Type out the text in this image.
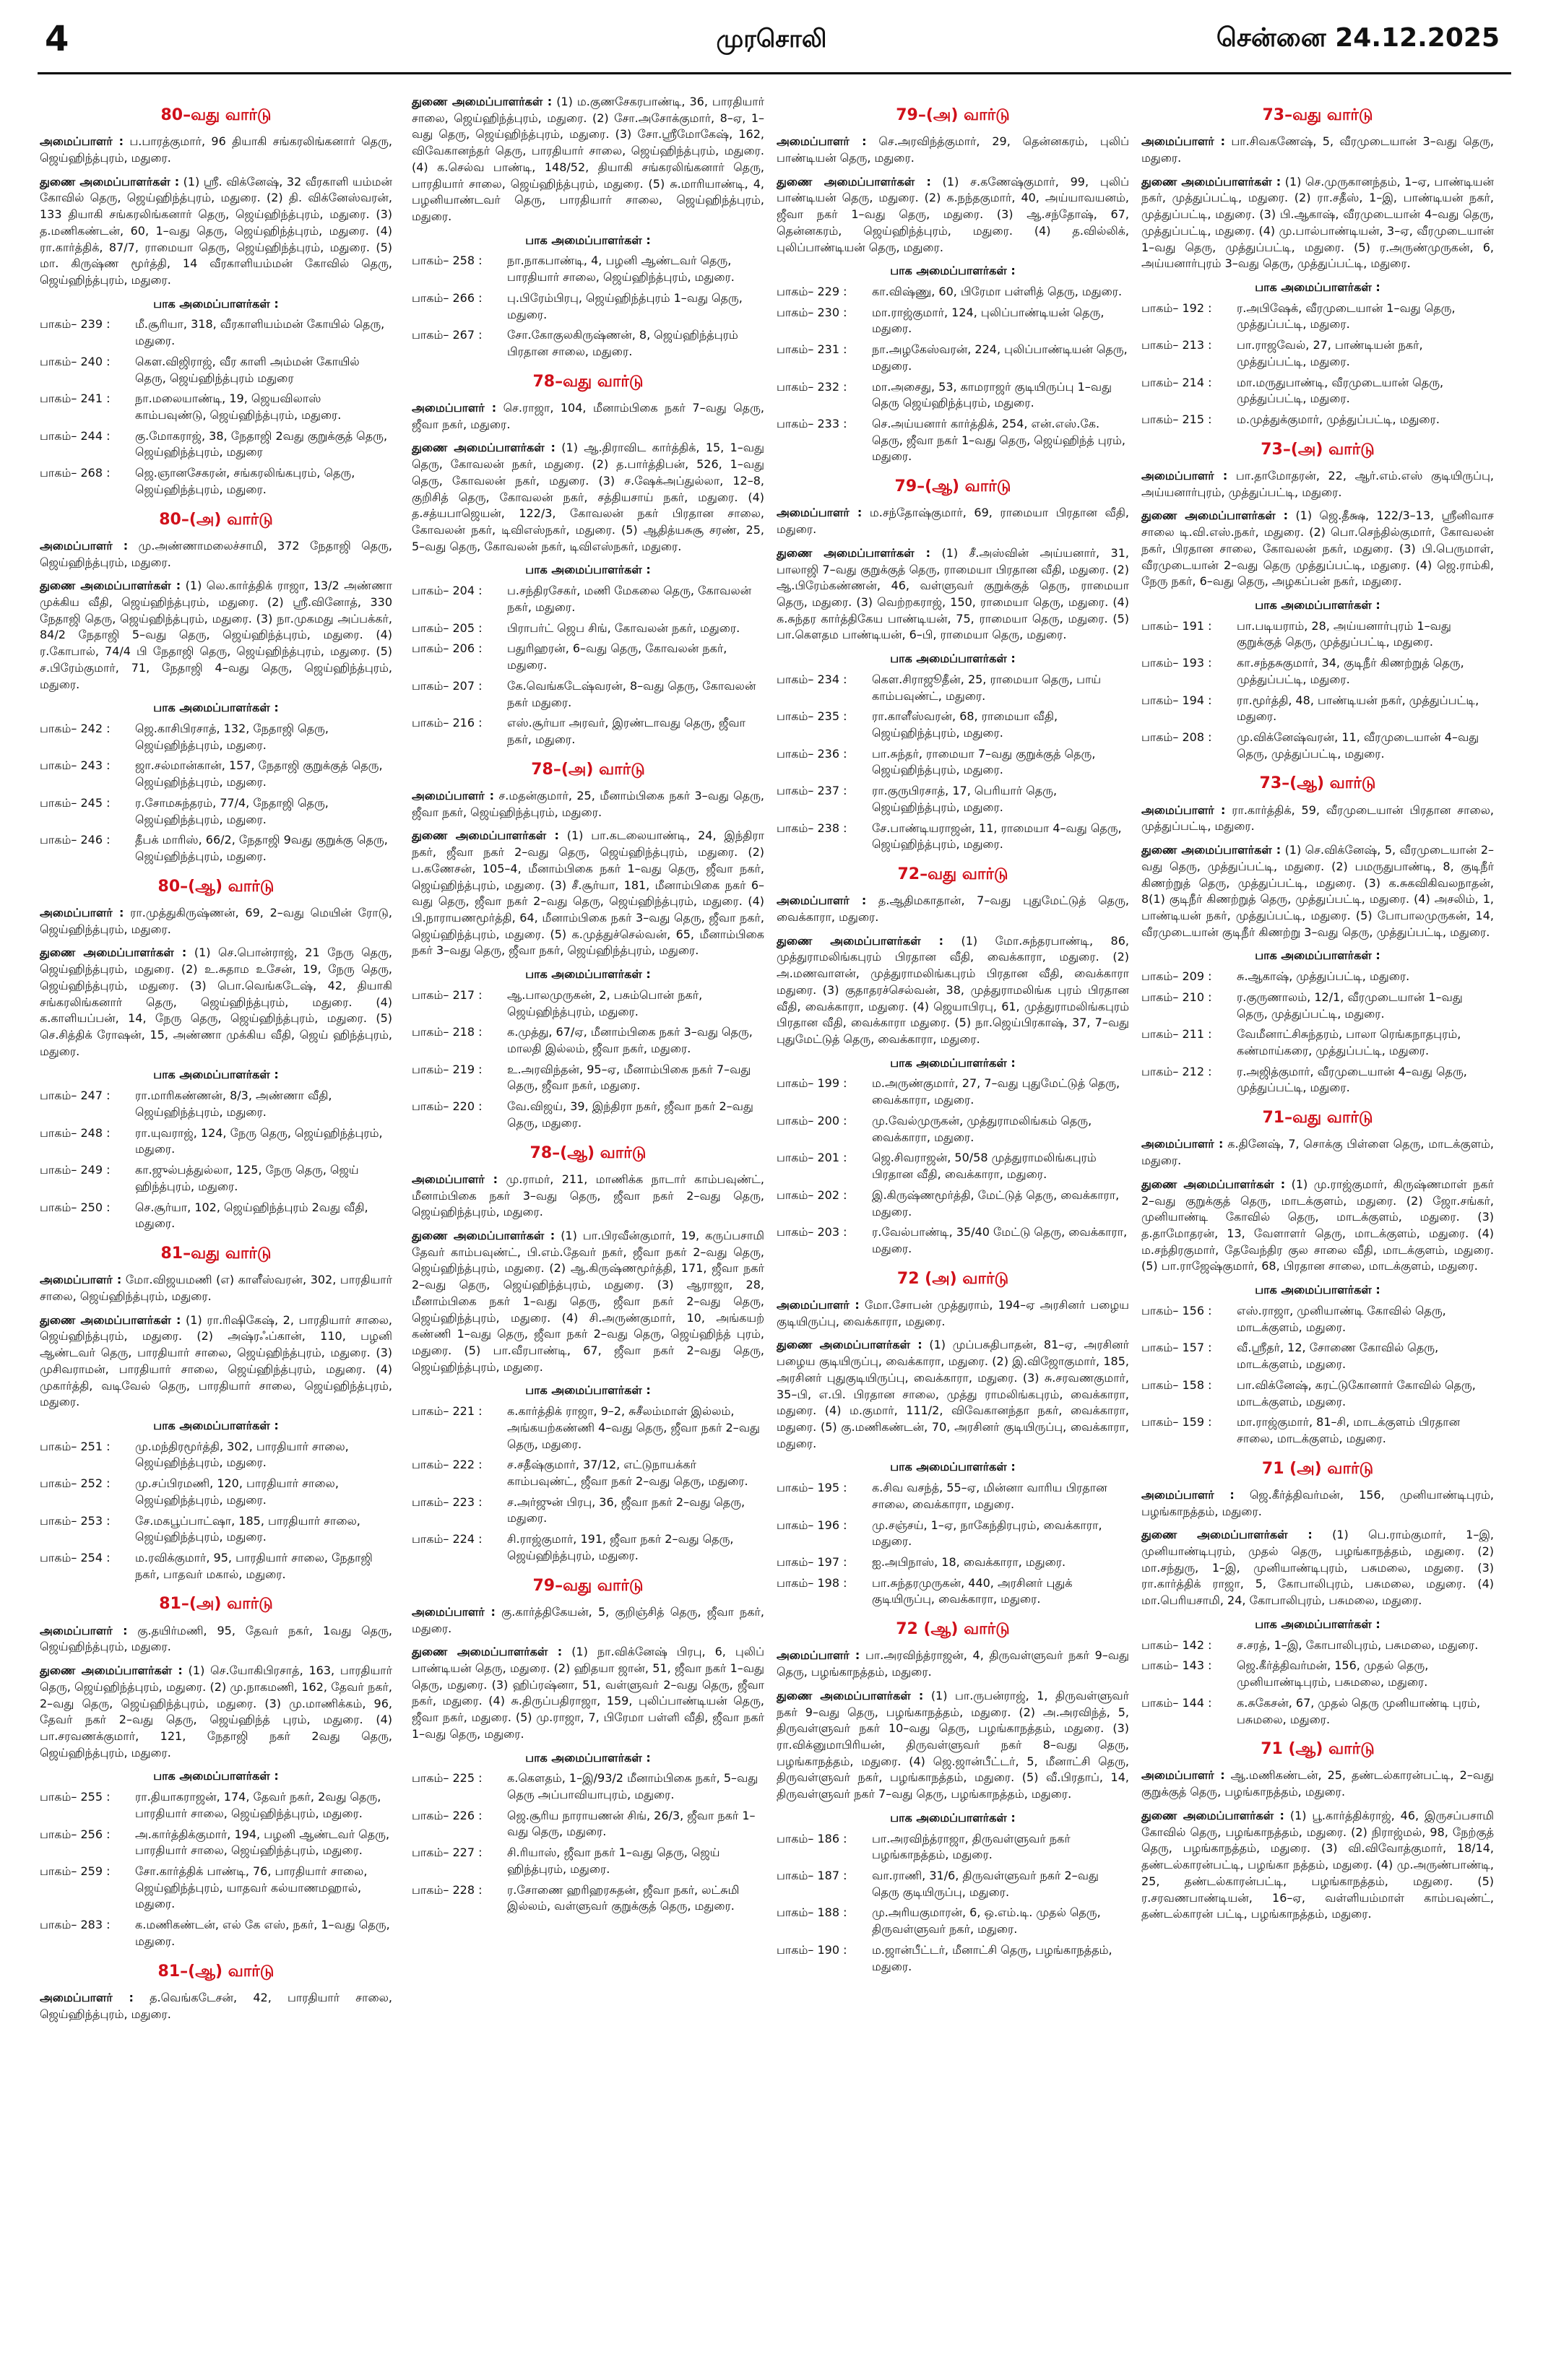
4	முரசொலி	சென்னை 24.12.2025
80–வது வார்டு

அமைப்பாளர் : ப.பாரத்குமார், 96 தியாகி சங்கரலிங்கனார் தெரு, ஜெய்ஹிந்த்புரம், மதுரை.

துணை அமைப்பாளர்கள் : (1) ஸ்ரீ. விக்னேஷ், 32 வீரகாளி யம்மன் கோவில் தெரு, ஜெய்ஹிந்த்புரம், மதுரை. (2) தி. விக்னேஸ்வரன், 133 தியாகி சங்கரலிங்கனார் தெரு, ஜெய்ஹிந்த்புரம், மதுரை. (3) த.மணிகண்டன், 60, 1–வது தெரு, ஜெய்ஹிந்த்புரம், மதுரை. (4) ரா.கார்த்திக், 87/7, ராமையா தெரு, ஜெய்ஹிந்த்புரம், மதுரை. (5) மா. கிருஷ்ண மூர்த்தி, 14 வீரகாளியம்மன் கோவில் தெரு, ஜெய்ஹிந்த்புரம், மதுரை.

பாக அமைப்பாளர்கள் :
பாகம்– 239 :	மீ.சூரியா, 318, வீரகாளியம்மன் கோயில் தெரு, மதுரை.
பாகம்– 240 :	கௌ.விஜிராஜ், வீர காளி அம்மன் கோயில் தெரு, ஜெய்ஹிந்த்புரம் மதுரை
பாகம்– 241 :	நா.மலையாண்டி, 19, ஜெயவிலாஸ் காம்பவுண்டு, ஜெய்ஹிந்த்புரம், மதுரை.
பாகம்– 244 :	கு.மோகராஜ், 38, நேதாஜி 2வது குறுக்குத் தெரு, ஜெய்ஹிந்த்புரம், மதுரை
பாகம்– 268 :	ஜெ.ஞானசேகரன், சங்கரலிங்கபுரம், தெரு, ஜெய்ஹிந்த்புரம், மதுரை.
80–(அ) வார்டு

அமைப்பாளர் : மு.அண்ணாமலைச்சாமி, 372 நேதாஜி தெரு, ஜெய்ஹிந்த்புரம், மதுரை.

துணை அமைப்பாளர்கள் : (1) லெ.கார்த்திக் ராஜா, 13/2 அண்ணா முக்கிய வீதி, ஜெய்ஹிந்த்புரம், மதுரை. (2) ஸ்ரீ.வினோத், 330 நேதாஜி தெரு, ஜெய்ஹிந்த்புரம், மதுரை. (3) நா.முகமது அப்பக்கர், 84/2 நேதாஜி 5–வது தெரு, ஜெய்ஹிந்த்புரம், மதுரை. (4) ர.கோபால், 74/4 பி நேதாஜி தெரு, ஜெய்ஹிந்த்புரம், மதுரை. (5) ச.பிரேம்குமார், 71, நேதாஜி 4–வது தெரு, ஜெய்ஹிந்த்புரம், மதுரை.

பாக அமைப்பாளர்கள் :
பாகம்– 242 :	ஜெ.காசிபிரசாத், 132, நேதாஜி தெரு, ஜெய்ஹிந்த்புரம், மதுரை.
பாகம்– 243 :	ஜா.சல்மான்கான், 157, நேதாஜி குறுக்குத் தெரு, ஜெய்ஹிந்த்புரம், மதுரை.
பாகம்– 245 :	ர.சோமசுந்தரம், 77/4, நேதாஜி தெரு, ஜெய்ஹிந்த்புரம், மதுரை.
பாகம்– 246 :	தீபக் மாரிஸ், 66/2, நேதாஜி 9வது குறுக்கு தெரு, ஜெய்ஹிந்த்புரம், மதுரை.
80–(ஆ) வார்டு

அமைப்பாளர் : ரா.முத்துகிருஷ்ணன், 69, 2–வது மெயின் ரோடு, ஜெய்ஹிந்த்புரம், மதுரை.

துணை அமைப்பாளர்கள் : (1) செ.பொன்ராஜ், 21 நேரு தெரு, ஜெய்ஹிந்த்புரம், மதுரை. (2) உ.சுதாம உசேன், 19, நேரு தெரு, ஜெய்ஹிந்த்புரம், மதுரை. (3) பொ.வெங்கடேஷ், 42, தியாகி சங்கரலிங்கனார் தெரு, ஜெய்ஹிந்த்புரம், மதுரை. (4) க.காளியப்பன், 14, நேரு தெரு, ஜெய்ஹிந்த்புரம், மதுரை. (5) செ.சித்திக் ரோஷன், 15, அண்ணா முக்கிய வீதி, ஜெய் ஹிந்த்புரம், மதுரை.

பாக அமைப்பாளர்கள் :
பாகம்– 247 :	ரா.மாரிகண்ணன், 8/3, அண்ணா வீதி, ஜெய்ஹிந்த்புரம், மதுரை.
பாகம்– 248 :	ரா.யுவராஜ், 124, நேரு தெரு, ஜெய்ஹிந்த்புரம், மதுரை.
பாகம்– 249 :	கா.ஜுல்பத்துல்லா, 125, நேரு தெரு, ஜெய் ஹிந்த்புரம், மதுரை.
பாகம்– 250 :	செ.சூர்யா, 102, ஜெய்ஹிந்த்புரம் 2வது வீதி, மதுரை.
81–வது வார்டு

அமைப்பாளர் : மோ.விஜயமணி (எ) காளீஸ்வரன், 302, பாரதியார் சாலை, ஜெய்ஹிந்த்புரம், மதுரை.

துணை அமைப்பாளர்கள் : (1) ரா.ரிஷிகேஷ், 2, பாரதியார் சாலை, ஜெய்ஹிந்த்புரம், மதுரை. (2) அஷ்ரஃப்கான், 110, பழனி ஆண்டவர் தெரு, பாரதியார் சாலை, ஜெய்ஹிந்த்புரம், மதுரை. (3) முசிவராமன், பாரதியார் சாலை, ஜெய்ஹிந்த்புரம், மதுரை. (4) முகார்த்தி, வடிவேல் தெரு, பாரதியார் சாலை, ஜெய்ஹிந்த்புரம், மதுரை.

பாக அமைப்பாளர்கள் :
பாகம்– 251 :	மு.மந்திரமூர்த்தி, 302, பாரதியார் சாலை, ஜெய்ஹிந்த்புரம், மதுரை.
பாகம்– 252 :	மு.சப்பிரமணி, 120, பாரதியார் சாலை, ஜெய்ஹிந்த்புரம், மதுரை.
பாகம்– 253 :	சே.மகபூப்பாட்ஷா, 185, பாரதியார் சாலை, ஜெய்ஹிந்த்புரம், மதுரை.
பாகம்– 254 :	ம.ரவிக்குமார், 95, பாரதியார் சாலை, நேதாஜி நகர், பாதவர் மகால், மதுரை.
81–(அ) வார்டு

அமைப்பாளர் : கு.தயிர்மணி, 95, தேவர் நகர், 1வது தெரு, ஜெய்ஹிந்த்புரம், மதுரை.

துணை அமைப்பாளர்கள் : (1) செ.யோகிபிரசாத், 163, பாரதியார் தெரு, ஜெய்ஹிந்த்புரம், மதுரை. (2) மு.நாகமணி, 162, தேவர் நகர், 2–வது தெரு, ஜெய்ஹிந்த்புரம், மதுரை. (3) மு.மாணிக்கம், 96, தேவர் நகர் 2–வது தெரு, ஜெய்ஹிந்த் புரம், மதுரை. (4) பா.சரவணக்குமார், 121, நேதாஜி நகர் 2வது தெரு, ஜெய்ஹிந்த்புரம், மதுரை.

பாக அமைப்பாளர்கள் :
பாகம்– 255 :	ரா.தியாகராஜன், 174, தேவர் நகர், 2வது தெரு, பாரதியார் சாலை, ஜெய்ஹிந்த்புரம், மதுரை.
பாகம்– 256 :	அ.கார்த்திக்குமார், 194, பழனி ஆண்டவர் தெரு, பாரதியார் சாலை, ஜெய்ஹிந்த்புரம், மதுரை.
பாகம்– 259 :	சோ.கார்த்திக் பாண்டி, 76, பாரதியார் சாலை, ஜெய்ஹிந்த்புரம், யாதவர் கல்யாணமஹால், மதுரை.
பாகம்– 283 :	க.மணிகண்டன், எல் கே எஸ், நகர், 1–வது தெரு, மதுரை.
81–(ஆ) வார்டு

அமைப்பாளர் : த.வெங்கடேசன், 42, பாரதியார் சாலை, ஜெய்ஹிந்த்புரம், மதுரை.

துணை அமைப்பாளர்கள் : (1) ம.குணசேகரபாண்டி, 36, பாரதியார் சாலை, ஜெய்ஹிந்த்புரம், மதுரை. (2) சோ.அசோக்குமார், 8–ஏ, 1–வது தெரு, ஜெய்ஹிந்த்புரம், மதுரை. (3) சோ.ஸ்ரீமோகேஷ், 162, விவேகானந்தர் தெரு, பாரதியார் சாலை, ஜெய்ஹிந்த்புரம், மதுரை. (4) க.செல்வ பாண்டி, 148/52, தியாகி சங்கரலிங்கனார் தெரு, பாரதியார் சாலை, ஜெய்ஹிந்த்புரம், மதுரை. (5) சு.மாரியாண்டி, 4, பழனியாண்டவர் தெரு, பாரதியார் சாலை, ஜெய்ஹிந்த்புரம், மதுரை.

பாக அமைப்பாளர்கள் :
பாகம்– 258 :	நா.நாகபாண்டி, 4, பழனி ஆண்டவர் தெரு, பாரதியார் சாலை, ஜெய்ஹிந்த்புரம், மதுரை.
பாகம்– 266 :	பு.பிரேம்பிரபு, ஜெய்ஹிந்த்புரம் 1–வது தெரு, மதுரை.
பாகம்– 267 :	சோ.கோகுலகிருஷ்ணன், 8, ஜெய்ஹிந்த்புரம் பிரதான சாலை, மதுரை.
78–வது வார்டு

அமைப்பாளர் : செ.ராஜா, 104, மீனாம்பிகை நகர் 7–வது தெரு, ஜீவா நகர், மதுரை.

துணை அமைப்பாளர்கள் : (1) ஆ.திராவிட கார்த்திக், 15, 1–வது தெரு, கோவலன் நகர், மதுரை. (2) த.பார்த்திபன், 526, 1–வது தெரு, கோவலன் நகர், மதுரை. (3) ச.ஷேக்அப்துல்லா, 12–8, குறிசித் தெரு, கோவலன் நகர், சத்தியசாய் நகர், மதுரை. (4) த.சத்யபாஜெயன், 122/3, கோவலன் நகர் பிரதான சாலை, கோவலன் நகர், டிவிஎஸ்நகர், மதுரை. (5) ஆதித்யசுசூ சரண், 25, 5–வது தெரு, கோவலன் நகர், டிவிஎஸ்நகர், மதுரை.

பாக அமைப்பாளர்கள் :
பாகம்– 204 :	ப.சந்திரசேகர், மணி மேகலை தெரு, கோவலன் நகர், மதுரை.
பாகம்– 205 :	பிராபர்ட் ஜெப சிங், கோவலன் நகர், மதுரை.
பாகம்– 206 :	பதுரிஹரன், 6–வது தெரு, கோவலன் நகர், மதுரை.
பாகம்– 207 :	கே.வெங்கடேஷ்வரன், 8–வது தெரு, கோவலன் நகர் மதுரை.
பாகம்– 216 :	எஸ்.சூர்யா அரவர், இரண்டாவது தெரு, ஜீவா நகர், மதுரை.
78–(அ) வார்டு

அமைப்பாளர் : ச.மதன்குமார், 25, மீனாம்பிகை நகர் 3–வது தெரு, ஜீவா நகர், ஜெய்ஹிந்த்புரம், மதுரை.

துணை அமைப்பாளர்கள் : (1) பா.கடலையாண்டி, 24, இந்திரா நகர், ஜீவா நகர் 2–வது தெரு, ஜெய்ஹிந்த்புரம், மதுரை. (2) ப.கணேசன், 105–4, மீனாம்பிகை நகர் 1–வது தெரு, ஜீவா நகர், ஜெய்ஹிந்த்புரம், மதுரை. (3) சீ.சூர்யா, 181, மீனாம்பிகை நகர் 6–வது தெரு, ஜீவா நகர் 2–வது தெரு, ஜெய்ஹிந்த்புரம், மதுரை. (4) பி.நாராயணமூர்த்தி, 64, மீனாம்பிகை நகர் 3–வது தெரு, ஜீவா நகர், ஜெய்ஹிந்த்புரம், மதுரை. (5) க.முத்துச்செல்வன், 65, மீனாம்பிகை நகர் 3–வது தெரு, ஜீவா நகர், ஜெய்ஹிந்த்புரம், மதுரை.

பாக அமைப்பாளர்கள் :
பாகம்– 217 :	ஆ.பாலமுருகன், 2, பசும்பொன் நகர், ஜெய்ஹிந்த்புரம், மதுரை.
பாகம்– 218 :	க.முத்து, 67/ஏ, மீனாம்பிகை நகர் 3–வது தெரு, மாலதி இல்லம், ஜீவா நகர், மதுரை.
பாகம்– 219 :	உ.அரவிந்தன், 95–ஏ, மீனாம்பிகை நகர் 7–வது தெரு, ஜீவா நகர், மதுரை.
பாகம்– 220 :	வே.விஜய், 39, இந்திரா நகர், ஜீவா நகர் 2–வது தெரு, மதுரை.
78–(ஆ) வார்டு

அமைப்பாளர் : மு.ராமர், 211, மாணிக்க நாடார் காம்பவுண்ட், மீனாம்பிகை நகர் 3–வது தெரு, ஜீவா நகர் 2–வது தெரு, ஜெய்ஹிந்த்புரம், மதுரை.

துணை அமைப்பாளர்கள் : (1) பா.பிரவீன்குமார், 19, கருப்பசாமி தேவர் காம்பவுண்ட், பி.எம்.தேவர் நகர், ஜீவா நகர் 2–வது தெரு, ஜெய்ஹிந்த்புரம், மதுரை. (2) ஆ.கிருஷ்ணமூர்த்தி, 171, ஜீவா நகர் 2–வது தெரு, ஜெய்ஹிந்த்புரம், மதுரை. (3) ஆராஜா, 28, மீனாம்பிகை நகர் 1–வது தெரு, ஜீவா நகர் 2–வது தெரு, ஜெய்ஹிந்த்புரம், மதுரை. (4) சி.அருண்குமார், 10, அங்கயற் கண்ணி 1–வது தெரு, ஜீவா நகர் 2–வது தெரு, ஜெய்ஹிந்த் புரம், மதுரை. (5) பா.வீரபாண்டி, 67, ஜீவா நகர் 2–வது தெரு, ஜெய்ஹிந்த்புரம், மதுரை.

பாக அமைப்பாளர்கள் :
பாகம்– 221 :	க.கார்த்திக் ராஜா, 9–2, சுசீலம்மாள் இல்லம், அங்கயற்கண்ணி 4–வது தெரு, ஜீவா நகர் 2–வது தெரு, மதுரை.
பாகம்– 222 :	ச.சதீஷ்குமார், 37/12, எட்டுநாயக்கர் காம்பவுண்ட், ஜீவா நகர் 2–வது தெரு, மதுரை.
பாகம்– 223 :	ச.அர்ஜுன் பிரபு, 36, ஜீவா நகர் 2–வது தெரு, மதுரை.
பாகம்– 224 :	சி.ராஜ்குமார், 191, ஜீவா நகர் 2–வது தெரு, ஜெய்ஹிந்த்புரம், மதுரை.
79–வது வார்டு

அமைப்பாளர் : கு.கார்த்திகேயன், 5, குறிஞ்சித் தெரு, ஜீவா நகர், மதுரை.

துணை அமைப்பாளர்கள் : (1) நா.விக்னேஷ் பிரபு, 6, புலிப் பாண்டியன் தெரு, மதுரை. (2) ஹிதயா ஜான், 51, ஜீவா நகர் 1–வது தெரு, மதுரை. (3) ஹிப்ரஷ்னா, 51, வள்ளுவர் 2–வது தெரு, ஜீவா நகர், மதுரை. (4) சு.திருப்பதிராஜா, 159, புலிப்பாண்டியன் தெரு, ஜீவா நகர், மதுரை. (5) மு.ராஜா, 7, பிரேமா பள்ளி வீதி, ஜீவா நகர் 1–வது தெரு, மதுரை.

பாக அமைப்பாளர்கள் :
பாகம்– 225 :	க.கௌதம், 1–இ/93/2 மீனாம்பிகை நகர், 5–வது தெரு அப்பாவியாபுரம், மதுரை.
பாகம்– 226 :	ஜெ.சூரிய நாராயணன் சிங், 26/3, ஜீவா நகர் 1–வது தெரு, மதுரை.
பாகம்– 227 :	சி.ரியாஸ், ஜீவா நகர் 1–வது தெரு, ஜெய் ஹிந்த்புரம், மதுரை.
பாகம்– 228 :	ர.சோணை ஹரிஹரசுதன், ஜீவா நகர், லட்சுமி இல்லம், வள்ளுவர் குறுக்குத் தெரு, மதுரை.
79–(அ) வார்டு

அமைப்பாளர் : செ.அரவிந்த்குமார், 29, தென்னகரம், புலிப் பாண்டியன் தெரு, மதுரை.

துணை அமைப்பாளர்கள் : (1) ச.கணேஷ்குமார், 99, புலிப் பாண்டியன் தெரு, மதுரை. (2) க.நந்தகுமார், 40, அய்யாவயனம், ஜீவா நகர் 1–வது தெரு, மதுரை. (3) ஆ.சந்தோஷ், 67, தென்னகரம், ஜெய்ஹிந்த்புரம், மதுரை. (4) த.வில்லிக், புலிப்பாண்டியன் தெரு, மதுரை.

பாக அமைப்பாளர்கள் :
பாகம்– 229 :	கா.விஷ்ணு, 60, பிரேமா பள்ளித் தெரு, மதுரை.
பாகம்– 230 :	மா.ராஜ்குமார், 124, புலிப்பாண்டியன் தெரு, மதுரை.
பாகம்– 231 :	நா.அழகேஸ்வரன், 224, புலிப்பாண்டியன் தெரு, மதுரை.
பாகம்– 232 :	மா.அசைது, 53, காமராஜர் குடியிருப்பு 1–வது தெரு ஜெய்ஹிந்த்புரம், மதுரை.
பாகம்– 233 :	செ.அய்யனார் கார்த்திக், 254, என்.எஸ்.கே. தெரு, ஜீவா நகர் 1–வது தெரு, ஜெய்ஹிந்த் புரம், மதுரை.
79–(ஆ) வார்டு

அமைப்பாளர் : ம.சந்தோஷ்குமார், 69, ராமையா பிரதான வீதி, மதுரை.

துணை அமைப்பாளர்கள் : (1) சீ.அஸ்வின் அய்யனார், 31, பாலாஜி 7–வது குறுக்குத் தெரு, ராமையா பிரதான வீதி, மதுரை. (2) ஆ.பிரேம்கண்ணன், 46, வள்ளுவர் குறுக்குத் தெரு, ராமையா தெரு, மதுரை. (3) வெற்றகராஜ், 150, ராமையா தெரு, மதுரை. (4) க.சுந்தர கார்த்திகேய பாண்டியன், 75, ராமையா தெரு, மதுரை. (5) பா.கௌதம பாண்டியன், 6–பி, ராமையா தெரு, மதுரை.

பாக அமைப்பாளர்கள் :
பாகம்– 234 :	கௌ.சிராஜூதீன், 25, ராமையா தெரு, பாய் காம்பவுண்ட், மதுரை.
பாகம்– 235 :	ரா.காளீஸ்வரன், 68, ராமையா வீதி, ஜெய்ஹிந்த்புரம், மதுரை.
பாகம்– 236 :	பா.சுந்தர், ராமையா 7–வது குறுக்குத் தெரு, ஜெய்ஹிந்த்புரம், மதுரை.
பாகம்– 237 :	ரா.குருபிரசாத், 17, பெரியார் தெரு, ஜெய்ஹிந்த்புரம், மதுரை.
பாகம்– 238 :	சே.பாண்டியராஜன், 11, ராமையா 4–வது தெரு, ஜெய்ஹிந்த்புரம், மதுரை.
72–வது வார்டு

அமைப்பாளர் : த.ஆதிமகாதான், 7–வது புதுமேட்டுத் தெரு, வைக்காரா, மதுரை.

துணை அமைப்பாளர்கள் : (1) மோ.சுந்தரபாண்டி, 86, முத்துராமலிங்கபுரம் பிரதான வீதி, வைக்காரா, மதுரை. (2) அ.மணவாளன், முத்துராமலிங்கபுரம் பிரதான வீதி, வைக்காரா மதுரை. (3) குதாதரச்செல்வன், 38, முத்துராமலிங்க புரம் பிரதான வீதி, வைக்காரா, மதுரை. (4) ஜெயாபிரபு, 61, முத்துராமலிங்கபுரம் பிரதான வீதி, வைக்காரா மதுரை. (5) நா.ஜெய்பிரகாஷ், 37, 7–வது புதுமேட்டுத் தெரு, வைக்காரா, மதுரை.

பாக அமைப்பாளர்கள் :
பாகம்– 199 :	ம.அருண்குமார், 27, 7–வது புதுமேட்டுத் தெரு, வைக்காரா, மதுரை.
பாகம்– 200 :	மு.வேல்முருகன், முத்துராமலிங்கம் தெரு, வைக்காரா, மதுரை.
பாகம்– 201 :	ஜெ.சிவராஜன், 50/58 முத்துராமலிங்கபுரம் பிரதான வீதி, வைக்காரா, மதுரை.
பாகம்– 202 :	இ.கிருஷ்ணமூர்த்தி, மேட்டுத் தெரு, வைக்காரா, மதுரை.
பாகம்– 203 :	ர.வேல்பாண்டி, 35/40 மேட்டு தெரு, வைக்காரா, மதுரை.
72 (அ) வார்டு

அமைப்பாளர் : மோ.சோபன் முத்துராம், 194–ஏ அரசினர் பழைய குடியிருப்பு, வைக்காரா, மதுரை.

துணை அமைப்பாளர்கள் : (1) முப்பசுதிபாதன், 81–ஏ, அரசினர் பழைய குடியிருப்பு, வைக்காரா, மதுரை. (2) இ.விஜோகுமார், 185, அரசினர் புதுகுடியிருப்பு, வைக்காரா, மதுரை. (3) சு.சரவணகுமார், 35–பி, எ.பி. பிரதான சாலை, முத்து ராமலிங்கபுரம், வைக்காரா, மதுரை. (4) ம.குமார், 111/2, விவேகானந்தா நகர், வைக்காரா, மதுரை. (5) கு.மணிகண்டன், 70, அரசினர் குடியிருப்பு, வைக்காரா, மதுரை.

பாக அமைப்பாளர்கள் :
பாகம்– 195 :	க.சிவ வசந்த், 55–ஏ, மின்னா வாரிய பிரதான சாலை, வைக்காரா, மதுரை.
பாகம்– 196 :	மு.சஞ்சய், 1–ஏ, நாகேந்திரபுரம், வைக்காரா, மதுரை.
பாகம்– 197 :	ஐ.அபிநாஸ், 18, வைக்காரா, மதுரை.
பாகம்– 198 :	பா.சுந்தரமுருகன், 440, அரசினர் புதுக் குடியிருப்பு, வைக்காரா, மதுரை.
72 (ஆ) வார்டு

அமைப்பாளர் : பா.அரவிந்த்ராஜன், 4, திருவள்ளுவர் நகர் 9–வது தெரு, பழங்காநத்தம், மதுரை.

துணை அமைப்பாளர்கள் : (1) பா.ருபன்ராஜ், 1, திருவள்ளுவர் நகர் 9–வது தெரு, பழங்காநத்தம், மதுரை. (2) அ.அரவிந்த், 5, திருவள்ளுவர் நகர் 10–வது தெரு, பழங்காநத்தம், மதுரை. (3) ரா.விக்னுமாபிரியன், திருவள்ளுவர் நகர் 8–வது தெரு, பழங்காநத்தம், மதுரை. (4) ஜெ.ஜான்பீட்டர், 5, மீனாட்சி தெரு, திருவள்ளுவர் நகர், பழங்காநத்தம், மதுரை. (5) வீ.பிரதாப், 14, திருவள்ளுவர் நகர் 7–வது தெரு, பழங்காநத்தம், மதுரை.

பாக அமைப்பாளர்கள் :
பாகம்– 186 :	பா.அரவிந்த்ராஜா, திருவள்ளுவர் நகர் பழங்காநத்தம், மதுரை.
பாகம்– 187 :	வா.ராணி, 31/6, திருவள்ளுவர் நகர் 2–வது தெரு குடியிருப்பு, மதுரை.
பாகம்– 188 :	மு.அரியகுமாரன், 6, ஒ.எம்.டி. முதல் தெரு, திருவள்ளுவர் நகர், மதுரை.
பாகம்– 190 :	ம.ஜான்பீட்டர், மீனாட்சி தெரு, பழங்காநத்தம், மதுரை.
73–வது வார்டு

அமைப்பாளர் : பா.சிவகணேஷ், 5, வீரமுடையான் 3–வது தெரு, மதுரை.

துணை அமைப்பாளர்கள் : (1) செ.முருகானந்தம், 1–ஏ, பாண்டியன் நகர், முத்துப்பட்டி, மதுரை. (2) ரா.சதீஸ், 1–இ, பாண்டியன் நகர், முத்துப்பட்டி, மதுரை. (3) பி.ஆகாஷ், வீரமுடையான் 4–வது தெரு, முத்துப்பட்டி, மதுரை. (4) மு.பால்பாண்டியன், 3–ஏ, வீரமுடையான் 1–வது தெரு, முத்துப்பட்டி, மதுரை. (5) ர.அருண்முருகன், 6, அய்யனார்புரம் 3–வது தெரு, முத்துப்பட்டி, மதுரை.

பாக அமைப்பாளர்கள் :
பாகம்– 192 :	ர.அபிஷேக், வீரமுடையான் 1–வது தெரு, முத்துப்பட்டி, மதுரை.
பாகம்– 213 :	பா.ராஜவேல், 27, பாண்டியன் நகர், முத்துப்பட்டி, மதுரை.
பாகம்– 214 :	மா.மருதுபாண்டி, வீரமுடையான் தெரு, முத்துப்பட்டி, மதுரை.
பாகம்– 215 :	ம.முத்துக்குமார், முத்துப்பட்டி, மதுரை.
73–(அ) வார்டு

அமைப்பாளர் : பா.தாமோதரன், 22, ஆர்.எம்.எஸ் குடியிருப்பு, அய்யனார்புரம், முத்துப்பட்டி, மதுரை.

துணை அமைப்பாளர்கள் : (1) ஜெ.தீக்ஷ, 122/3–13, ஸ்ரீனிவாச சாலை டி.வி.எஸ்.நகர், மதுரை. (2) பொ.செந்தில்குமார், கோவலன் நகர், பிரதான சாலை, கோவலன் நகர், மதுரை. (3) பி.பெருமாள், வீரமுடையான் 2–வது தெரு முத்துப்பட்டி, மதுரை. (4) ஜெ.ராம்கி, நேரு நகர், 6–வது தெரு, அழகப்பன் நகர், மதுரை.

பாக அமைப்பாளர்கள் :
பாகம்– 191 :	பா.படியராம், 28, அய்யனார்புரம் 1–வது குறுக்குத் தெரு, முத்துப்பட்டி, மதுரை.
பாகம்– 193 :	கா.சந்தசுகுமார், 34, குடிநீர் கிணற்றுத் தெரு, முத்துப்பட்டி, மதுரை.
பாகம்– 194 :	ரா.மூர்த்தி, 48, பாண்டியன் நகர், முத்துப்பட்டி, மதுரை.
பாகம்– 208 :	மு.விக்னேஷ்வரன், 11, வீரமுடையான் 4–வது தெரு, முத்துப்பட்டி, மதுரை.
73–(ஆ) வார்டு

அமைப்பாளர் : ரா.கார்த்திக், 59, வீரமுடையான் பிரதான சாலை, முத்துப்பட்டி, மதுரை.

துணை அமைப்பாளர்கள் : (1) செ.விக்னேஷ், 5, வீரமுடையான் 2–வது தெரு, முத்துப்பட்டி, மதுரை. (2) பமருதுபாண்டி, 8, குடிநீர் கிணற்றுத் தெரு, முத்துப்பட்டி, மதுரை. (3) க.சுகவிகிவலநாதன், 8(1) குடிநீர் கிணற்றுத் தெரு, முத்துப்பட்டி, மதுரை. (4) அசலிம், 1, பாண்டியன் நகர், முத்துப்பட்டி, மதுரை. (5) போபாலமுருகன், 14, வீரமுடையான் குடிநீர் கிணற்று 3–வது தெரு, முத்துப்பட்டி, மதுரை.

பாக அமைப்பாளர்கள் :
பாகம்– 209 :	சு.ஆகாஷ், முத்துப்பட்டி, மதுரை.
பாகம்– 210 :	ர.குருணாலம், 12/1, வீரமுடையான் 1–வது தெரு, முத்துப்பட்டி, மதுரை.
பாகம்– 211 :	வேமீனாட்சிசுந்தரம், பாலா ரெங்கநாதபுரம், கண்மாய்கரை, முத்துப்பட்டி, மதுரை.
பாகம்– 212 :	ர.அஜித்குமார், வீரமுடையான் 4–வது தெரு, முத்துப்பட்டி, மதுரை.
71–வது வார்டு

அமைப்பாளர் : க.தினேஷ், 7, சொக்கு பிள்ளை தெரு, மாடக்குளம், மதுரை.

துணை அமைப்பாளர்கள் : (1) மு.ராஜ்குமார், கிருஷ்ணமாள் நகர் 2–வது குறுக்குத் தெரு, மாடக்குளம், மதுரை. (2) ஜோ.சங்கர், முனியாண்டி கோவில் தெரு, மாடக்குளம், மதுரை. (3) த.தாமோதரன், 13, வேளாளர் தெரு, மாடக்குளம், மதுரை. (4) ம.சந்திரகுமார், தேவேந்திர குல சாலை வீதி, மாடக்குளம், மதுரை. (5) பா.ராஜேஷ்குமார், 68, பிரதான சாலை, மாடக்குளம், மதுரை.

பாக அமைப்பாளர்கள் :
பாகம்– 156 :	எஸ்.ராஜா, முனியாண்டி கோவில் தெரு, மாடக்குளம், மதுரை.
பாகம்– 157 :	வீ.ஸ்ரீதர், 12, சோணை கோவில் தெரு, மாடக்குளம், மதுரை.
பாகம்– 158 :	பா.விக்னேஷ், கரட்டுகோனார் கோவில் தெரு, மாடக்குளம், மதுரை.
பாகம்– 159 :	மா.ராஜ்குமார், 81–சி, மாடக்குளம் பிரதான சாலை, மாடக்குளம், மதுரை.
71 (அ) வார்டு

அமைப்பாளர் : ஜெ.கீர்த்திவர்மன், 156, முனியாண்டிபுரம், பழங்காநத்தம், மதுரை.

துணை அமைப்பாளர்கள் : (1) பெ.ராம்குமார், 1–இ, முனியாண்டிபுரம், முதல் தெரு, பழங்காநத்தம், மதுரை. (2) மா.சந்துரு, 1–இ, முனியாண்டிபுரம், பசுமலை, மதுரை. (3) ரா.கார்த்திக் ராஜா, 5, கோபாலிபுரம், பசுமலை, மதுரை. (4) மா.பெரியசாமி, 24, கோபாலிபுரம், பசுமலை, மதுரை.

பாக அமைப்பாளர்கள் :
பாகம்– 142 :	ச.சரத், 1–இ, கோபாலிபுரம், பசுமலை, மதுரை.
பாகம்– 143 :	ஜெ.கீர்த்திவர்மன், 156, முதல் தெரு, முனியாண்டிபுரம், பசுமலை, மதுரை.
பாகம்– 144 :	க.சுகேசன், 67, முதல் தெரு முனியாண்டி புரம், பசுமலை, மதுரை.
71 (ஆ) வார்டு

அமைப்பாளர் : ஆ.மணிகண்டன், 25, தண்டல்காரன்பட்டி, 2–வது குறுக்குத் தெரு, பழங்காநத்தம், மதுரை.

துணை அமைப்பாளர்கள் : (1) பூ.கார்த்திக்ராஜ், 46, இருசப்பசாமி கோவில் தெரு, பழங்காநத்தம், மதுரை. (2) நிராஜ்மல், 98, நேற்குத் தெரு, பழங்காநத்தம், மதுரை. (3) வி.விவோத்குமார், 18/14, தண்டல்காரன்பட்டி, பழங்கா நத்தம், மதுரை. (4) மு.அருண்பாண்டி, 25, தண்டல்காரன்பட்டி, பழங்காநத்தம், மதுரை. (5) ர.சரவணபாண்டியன், 16–ஏ, வள்ளியம்மாள் காம்பவுண்ட், தண்டல்காரன் பட்டி, பழங்காநத்தம், மதுரை.
